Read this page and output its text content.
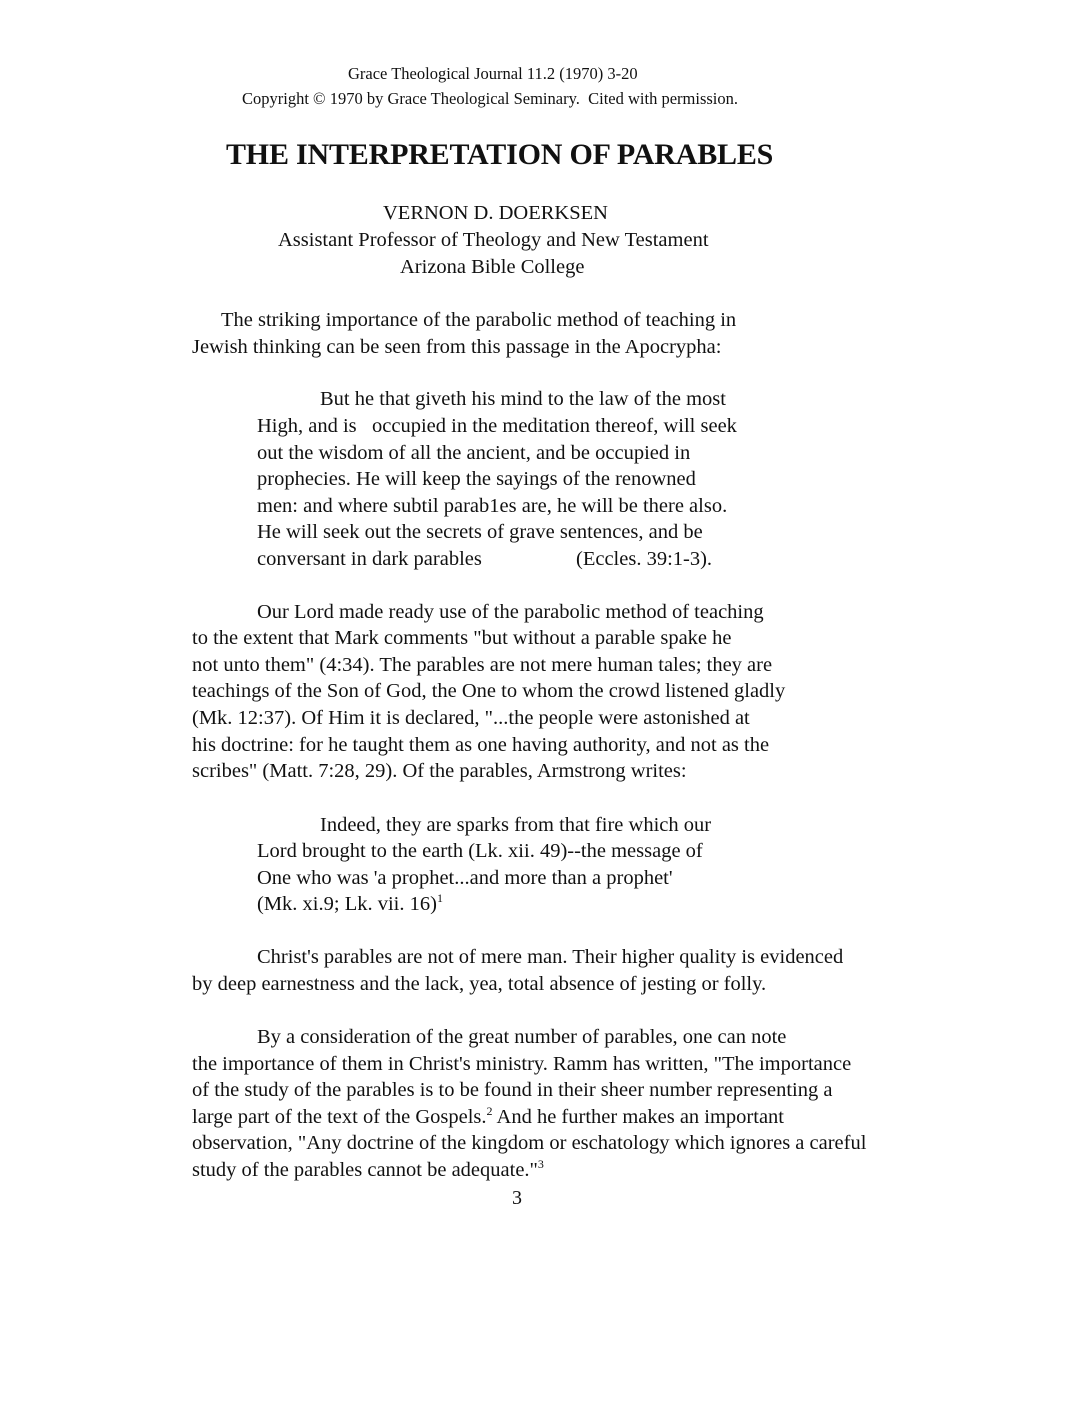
Grace Theological Journal 11.2 (1970) 3-20
Copyright © 1970 by Grace Theological Seminary.  Cited with permission.
THE INTERPRETATION OF PARABLES
VERNON D. DOERKSEN
Assistant Professor of Theology and New Testament
Arizona Bible College
The striking importance of the parabolic method of teaching in
Jewish thinking can be seen from this passage in the Apocrypha:
But he that giveth his mind to the law of the most
High, and is   occupied in the meditation thereof, will seek
out the wisdom of all the ancient, and be occupied in
prophecies. He will keep the sayings of the renowned
men: and where subtil parab1es are, he will be there also.
He will seek out the secrets of grave sentences, and be
conversant in dark parables	(Eccles. 39:1-3).
Our Lord made ready use of the parabolic method of teaching
to the extent that Mark comments "but without a parable spake he
not unto them" (4:34). The parables are not mere human tales; they are
teachings of the Son of God, the One to whom the crowd listened gladly
(Mk. 12:37). Of Him it is declared, "...the people were astonished at
his doctrine: for he taught them as one having authority, and not as the
scribes" (Matt. 7:28, 29). Of the parables, Armstrong writes:
Indeed, they are sparks from that fire which our
Lord brought to the earth (Lk. xii. 49)--the message of
One who was 'a prophet...and more than a prophet'
(Mk. xi.9; Lk. vii. 16)$^1$
Christ's parables are not of mere man. Their higher quality is evidenced
by deep earnestness and the lack, yea, total absence of jesting or folly.
By a consideration of the great number of parables, one can note
the importance of them in Christ's ministry. Ramm has written, "The importance
of the study of the parables is to be found in their sheer number representing a
large part of the text of the Gospels.$^2$ And he further makes an important
observation, "Any doctrine of the kingdom or eschatology which ignores a careful
study of the parables cannot be adequate."$^3$
3
